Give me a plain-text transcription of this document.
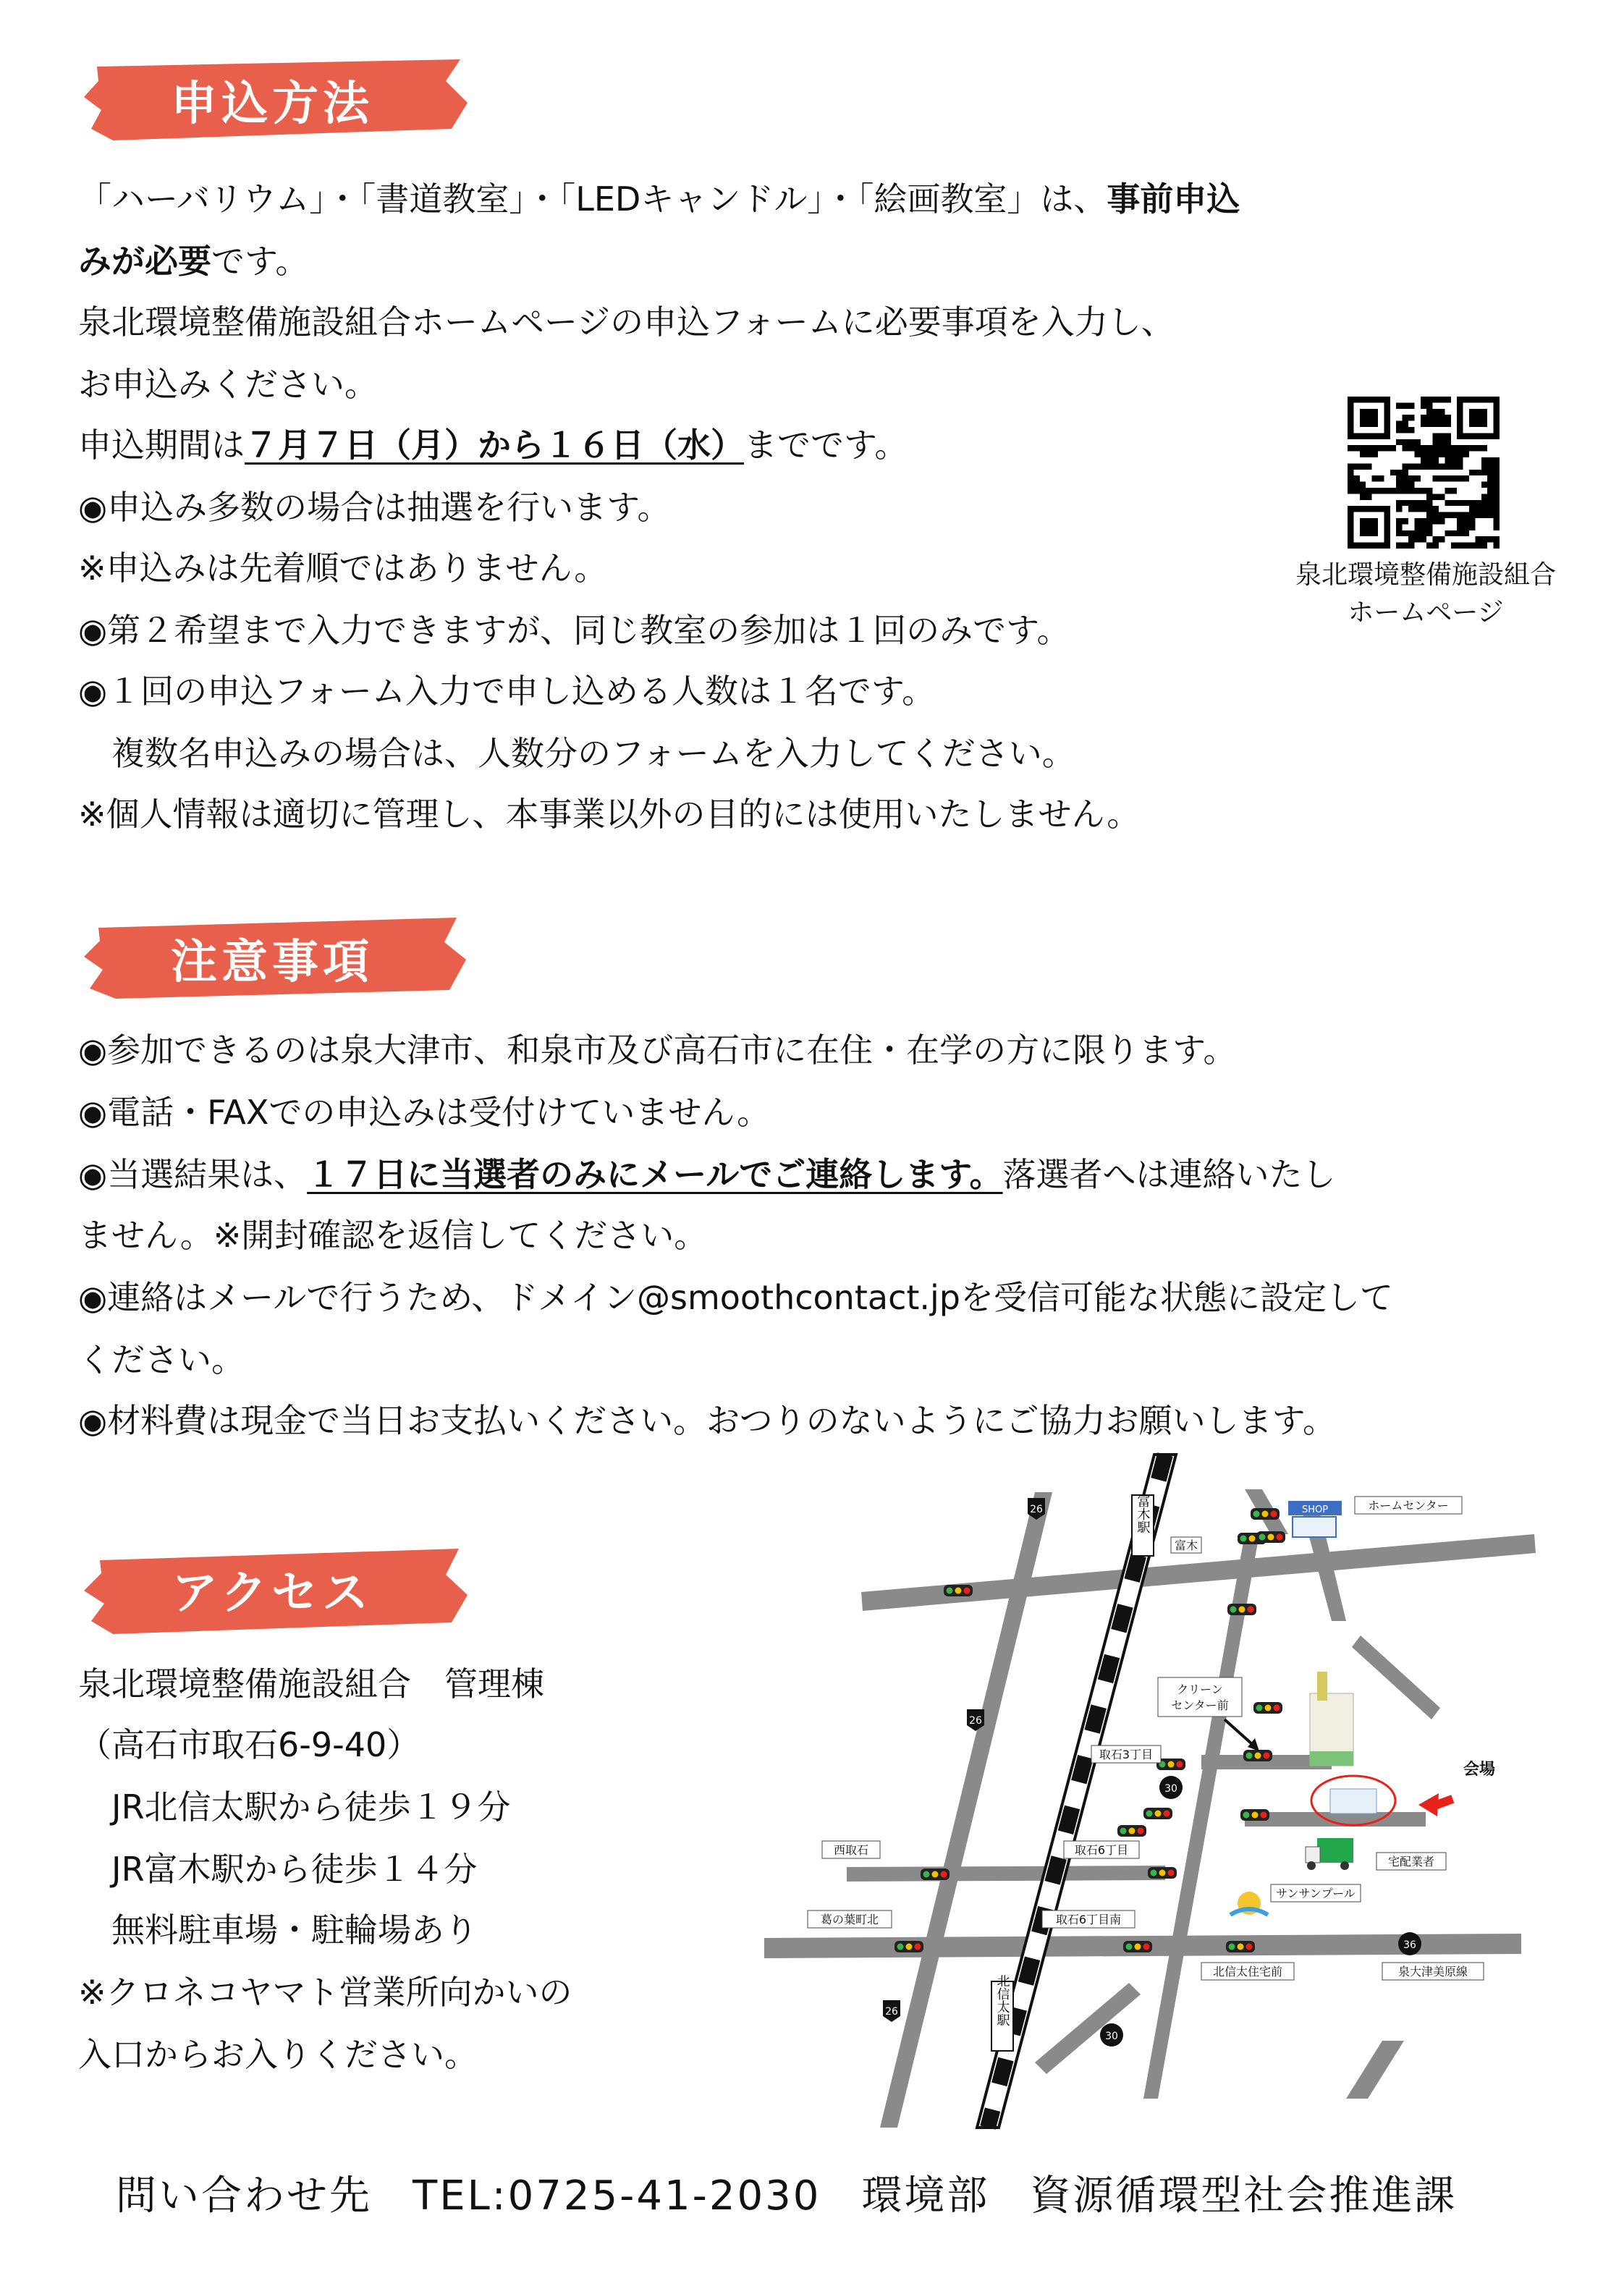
申込方法
「ハーバリウム」・「書道教室」・「LEDキャンドル」・「絵画教室」は、事前申込
みが必要です。
泉北環境整備施設組合ホームページの申込フォームに必要事項を入力し、
お申込みください。
申込期間は７月７日（月）から１６日（水）までです。
◉申込み多数の場合は抽選を行います。
※申込みは先着順ではありません。
◉第２希望まで入力できますが、同じ教室の参加は１回のみです。
◉１回の申込フォーム入力で申し込める人数は１名です。
　複数名申込みの場合は、人数分のフォームを入力してください。
※個人情報は適切に管理し、本事業以外の目的には使用いたしません。
泉北環境整備施設組合
ホームページ
注意事項
◉参加できるのは泉大津市、和泉市及び高石市に在住・在学の方に限ります。
◉電話・FAXでの申込みは受付けていません。
◉当選結果は、１７日に当選者のみにメールでご連絡します。落選者へは連絡いたし
ません。※開封確認を返信してください。
◉連絡はメールで行うため、ドメイン@smoothcontact.jpを受信可能な状態に設定して
ください。
◉材料費は現金で当日お支払いください。おつりのないようにご協力お願いします。
アクセス
泉北環境整備施設組合　管理棟
（高石市取石6-9-40）
　JR北信太駅から徒歩１９分
　JR富木駅から徒歩１４分
　無料駐車場・駐輪場あり
※クロネコヤマト営業所向かいの
入口からお入りください。
26
26
26
30
30
36
富木駅
北信太駅
富木
SHOP	ホームセンター
クリーン
センター前
取石3丁目
会場
西取石	取石6丁目
宅配業者
サンサンプール
葛の葉町北	取石6丁目南
北信太住宅前	泉大津美原線
問い合わせ先 TEL:0725-41-2030 環境部 資源循環型社会推進課
